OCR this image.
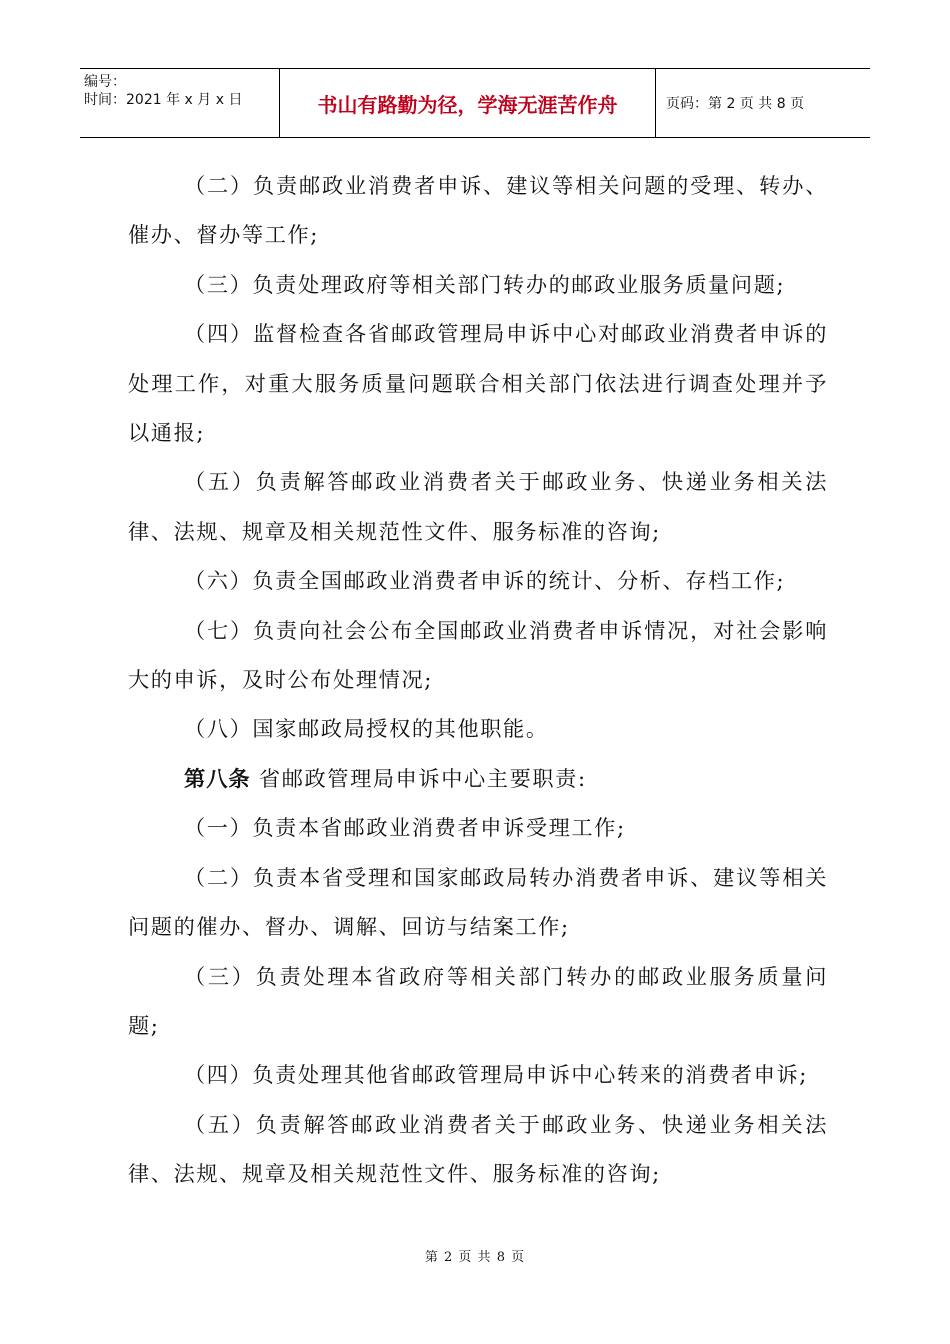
编号：
时间：2021 年 x 月 x 日	书山有路勤为径，学海无涯苦作舟	页码：第 2 页 共 8 页

（二）负责邮政业消费者申诉、建议等相关问题的受理、转办、催办、督办等工作;

（三）负责处理政府等相关部门转办的邮政业服务质量问题;

（四）监督检查各省邮政管理局申诉中心对邮政业消费者申诉的处理工作，对重大服务质量问题联合相关部门依法进行调查处理并予以通报;

（五）负责解答邮政业消费者关于邮政业务、快递业务相关法律、法规、规章及相关规范性文件、服务标准的咨询;

（六）负责全国邮政业消费者申诉的统计、分析、存档工作;

（七）负责向社会公布全国邮政业消费者申诉情况，对社会影响大的申诉，及时公布处理情况;

（八）国家邮政局授权的其他职能。

第八条 省邮政管理局申诉中心主要职责:

（一）负责本省邮政业消费者申诉受理工作;

（二）负责本省受理和国家邮政局转办消费者申诉、建议等相关问题的催办、督办、调解、回访与结案工作;

（三）负责处理本省政府等相关部门转办的邮政业服务质量问题;

（四）负责处理其他省邮政管理局申诉中心转来的消费者申诉;

（五）负责解答邮政业消费者关于邮政业务、快递业务相关法律、法规、规章及相关规范性文件、服务标准的咨询;

第 2 页 共 8 页
